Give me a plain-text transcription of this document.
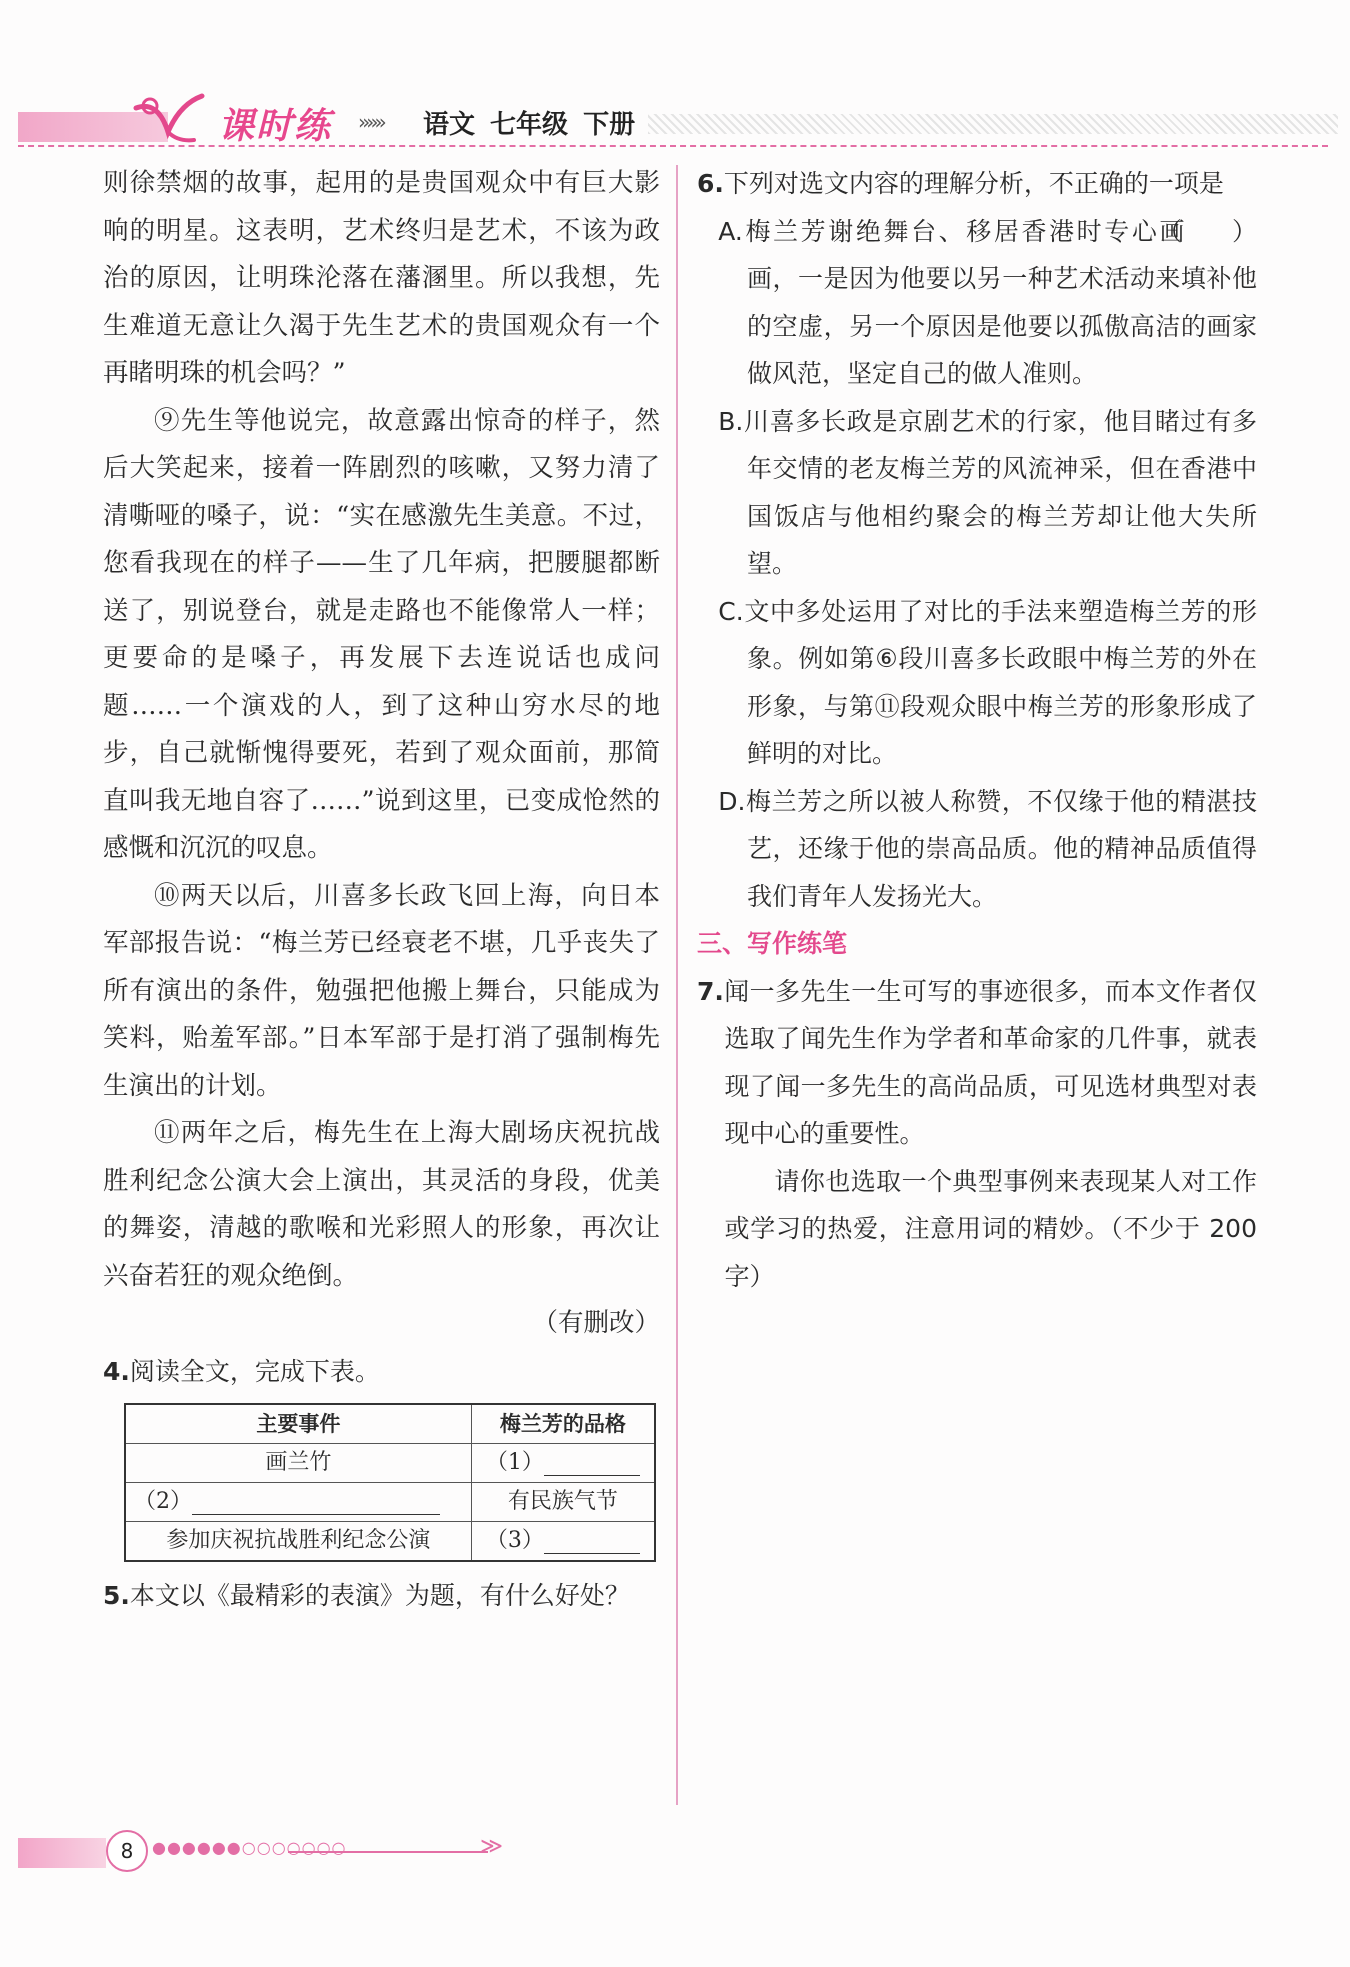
课时练 »»» 语文 七年级 下册

则徐禁烟的故事，起用的是贵国观众中有巨大影响的明星。这表明，艺术终归是艺术，不该为政治的原因，让明珠沦落在藩溷里。所以我想，先生难道无意让久渴于先生艺术的贵国观众有一个再睹明珠的机会吗？”

⑨先生等他说完，故意露出惊奇的样子，然后大笑起来，接着一阵剧烈的咳嗽，又努力清了清嘶哑的嗓子，说：“实在感激先生美意。不过，您看我现在的样子——生了几年病，把腰腿都断送了，别说登台，就是走路也不能像常人一样；更要命的是嗓子，再发展下去连说话也成问题……一个演戏的人，到了这种山穷水尽的地步，自己就惭愧得要死，若到了观众面前，那简直叫我无地自容了……”说到这里，已变成怆然的感慨和沉沉的叹息。

⑩两天以后，川喜多长政飞回上海，向日本军部报告说：“梅兰芳已经衰老不堪，几乎丧失了所有演出的条件，勉强把他搬上舞台，只能成为笑料，贻羞军部。”日本军部于是打消了强制梅先生演出的计划。

⑪两年之后，梅先生在上海大剧场庆祝抗战胜利纪念公演大会上演出，其灵活的身段，优美的舞姿，清越的歌喉和光彩照人的形象，再次让兴奋若狂的观众绝倒。

（有删改）

4.阅读全文，完成下表。

主要事件	梅兰芳的品格
画兰竹	（1）
（2）	有民族气节
参加庆祝抗战胜利纪念公演	（3）

5.本文以《最精彩的表演》为题，有什么好处？

6.下列对选文内容的理解分析，不正确的一项是
（　　）

A.梅兰芳谢绝舞台、移居香港时专心画画，一是因为他要以另一种艺术活动来填补他的空虚，另一个原因是他要以孤傲高洁的画家做风范，坚定自己的做人准则。

B.川喜多长政是京剧艺术的行家，他目睹过有多年交情的老友梅兰芳的风流神采，但在香港中国饭店与他相约聚会的梅兰芳却让他大失所望。

C.文中多处运用了对比的手法来塑造梅兰芳的形象。例如第⑥段川喜多长政眼中梅兰芳的外在形象，与第⑪段观众眼中梅兰芳的形象形成了鲜明的对比。

D.梅兰芳之所以被人称赞，不仅缘于他的精湛技艺，还缘于他的崇高品质。他的精神品质值得我们青年人发扬光大。

三、写作练笔

7.闻一多先生一生可写的事迹很多，而本文作者仅选取了闻先生作为学者和革命家的几件事，就表现了闻一多先生的高尚品质，可见选材典型对表现中心的重要性。

请你也选取一个典型事例来表现某人对工作或学习的热爱，注意用词的精妙。（不少于 200 字）

8	●●●●●●○○○○○○○	≫
